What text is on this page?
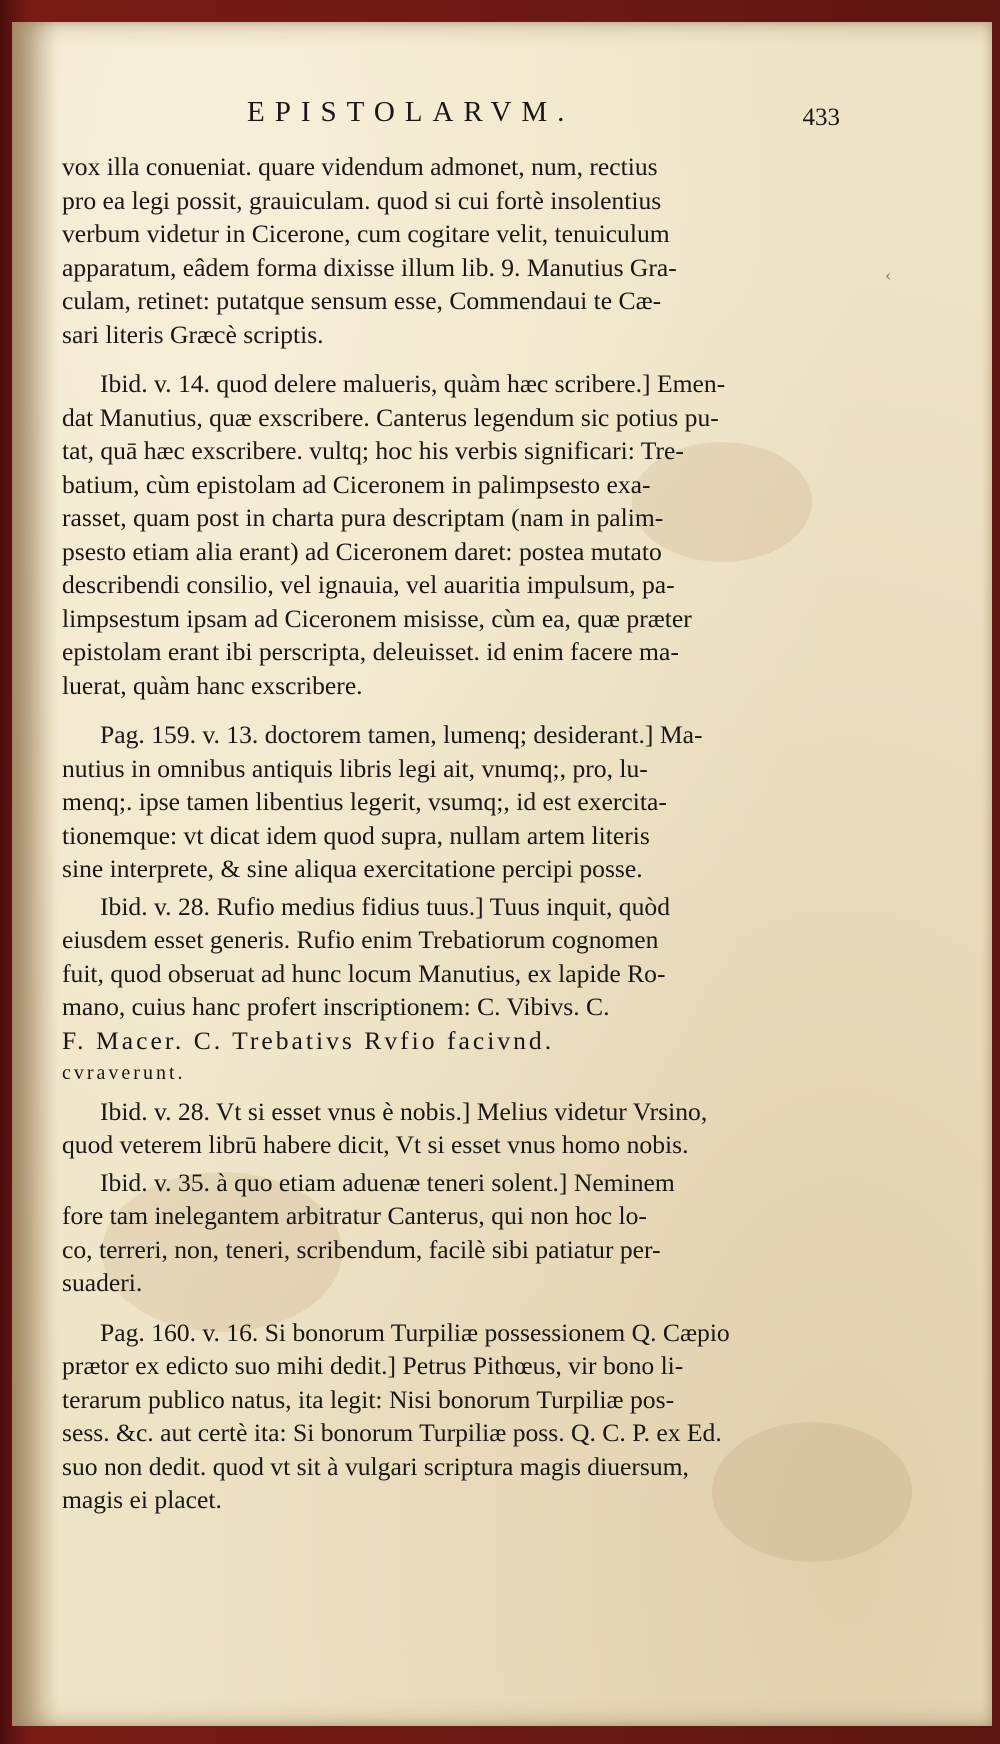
‹
EPISTOLARVM.	433
vox illa conueniat. quare videndum admonet, num, rectius
pro ea legi possit, grauiculam. quod si cui fortè insolentius
verbum videtur in Cicerone, cum cogitare velit, tenuiculum
apparatum, eâdem forma dixisse illum lib. 9. Manutius Gra-
culam, retinet: putatque sensum esse, Commendaui te Cæ-
sari literis Græcè scriptis.
Ibid. v. 14. quod delere malueris, quàm hæc scribere.] Emen-
dat Manutius, quæ exscribere. Canterus legendum sic potius pu-
tat, quā hæc exscribere. vultq; hoc his verbis significari: Tre-
batium, cùm epistolam ad Ciceronem in palimpsesto exa-
rasset, quam post in charta pura descriptam (nam in palim-
psesto etiam alia erant) ad Ciceronem daret: postea mutato
describendi consilio, vel ignauia, vel auaritia impulsum, pa-
limpsestum ipsam ad Ciceronem misisse, cùm ea, quæ præter
epistolam erant ibi perscripta, deleuisset. id enim facere ma-
luerat, quàm hanc exscribere.
Pag. 159. v. 13. doctorem tamen, lumenq; desiderant.] Ma-
nutius in omnibus antiquis libris legi ait, vnumq;, pro, lu-
menq;. ipse tamen libentius legerit, vsumq;, id est exercita-
tionemque: vt dicat idem quod supra, nullam artem literis
sine interprete, & sine aliqua exercitatione percipi posse.
Ibid. v. 28. Rufio medius fidius tuus.] Tuus inquit, quòd
eiusdem esset generis. Rufio enim Trebatiorum cognomen
fuit, quod obseruat ad hunc locum Manutius, ex lapide Ro-
mano, cuius hanc profert inscriptionem: C. Vibivs. C.
F. Macer. C. Trebativs Rvfio facivnd.
cvraverunt.
Ibid. v. 28. Vt si esset vnus è nobis.] Melius videtur Vrsino,
quod veterem librū habere dicit, Vt si esset vnus homo nobis.
Ibid. v. 35. à quo etiam aduenæ teneri solent.] Neminem
fore tam inelegantem arbitratur Canterus, qui non hoc lo-
co, terreri, non, teneri, scribendum, facilè sibi patiatur per-
suaderi.
Pag. 160. v. 16. Si bonorum Turpiliæ possessionem Q. Cæpio
prætor ex edicto suo mihi dedit.] Petrus Pithœus, vir bono li-
terarum publico natus, ita legit: Nisi bonorum Turpiliæ pos-
sess. &c. aut certè ita: Si bonorum Turpiliæ poss. Q. C. P. ex Ed.
suo non dedit. quod vt sit à vulgari scriptura magis diuersum,
magis ei placet.
